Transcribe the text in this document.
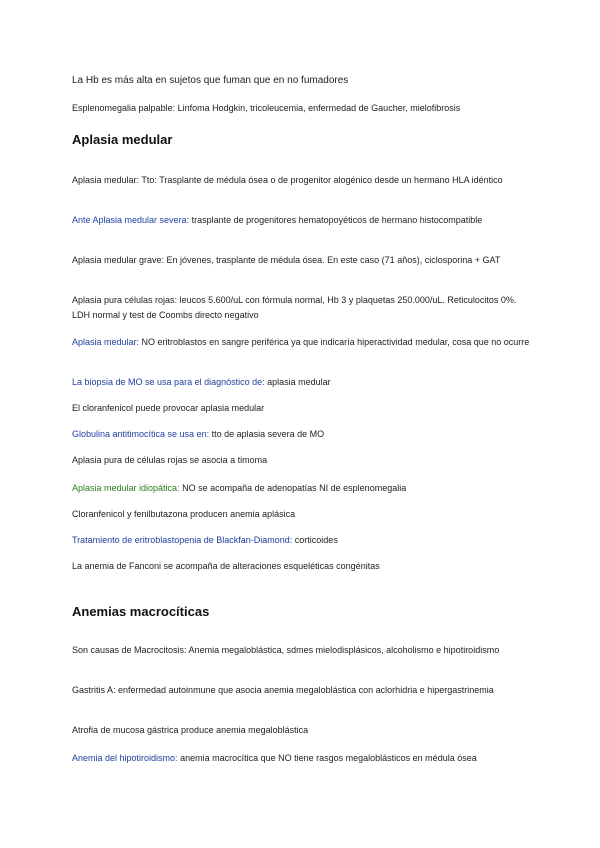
La Hb es más alta en sujetos que fuman que en no fumadores

Esplenomegalia palpable: Linfoma Hodgkin, tricoleucemia, enfermedad de Gaucher, mielofibrosis

Aplasia medular

Aplasia medular: Tto: Trasplante de médula ósea o de progenitor alogénico desde un hermano HLA idéntico

Ante Aplasia medular severa: trasplante de progenitores hematopoyéticos de hermano histocompatible

Aplasia medular grave: En jóvenes, trasplante de médula ósea. En este caso (71 años), ciclosporina + GAT

Aplasia pura células rojas: leucos 5.600/uL con fórmula normal, Hb 3 y plaquetas 250.000/uL. Reticulocitos 0%. LDH normal y test de Coombs directo negativo

Aplasia medular: NO eritroblastos en sangre periférica ya que indicaría hiperactividad medular, cosa que no ocurre

La biopsia de MO se usa para el diagnóstico de: aplasia medular

El cloranfenicol puede provocar aplasia medular

Globulina antitimocítica se usa en: tto de aplasia severa de MO

Aplasia pura de células rojas se asocia a timoma

Aplasia medular idiopática: NO se acompaña de adenopatías NI de esplenomegalia

Cloranfenicol y fenilbutazona producen anemia aplásica

Tratamiento de eritroblastopenia de Blackfan-Diamond: corticoides

La anemia de Fanconi se acompaña de alteraciones esqueléticas congénitas

Anemias macrocíticas

Son causas de Macrocitosis: Anemia megaloblástica, sdmes mielodisplásicos, alcoholismo e hipotiroidismo

Gastritis A: enfermedad autoinmune que asocia anemia megaloblástica con aclorhidria e hipergastrinemia

Atrofia de mucosa gástrica produce anemia megaloblástica

Anemia del hipotiroidismo: anemia macrocítica que NO tiene rasgos megaloblásticos en médula ósea
